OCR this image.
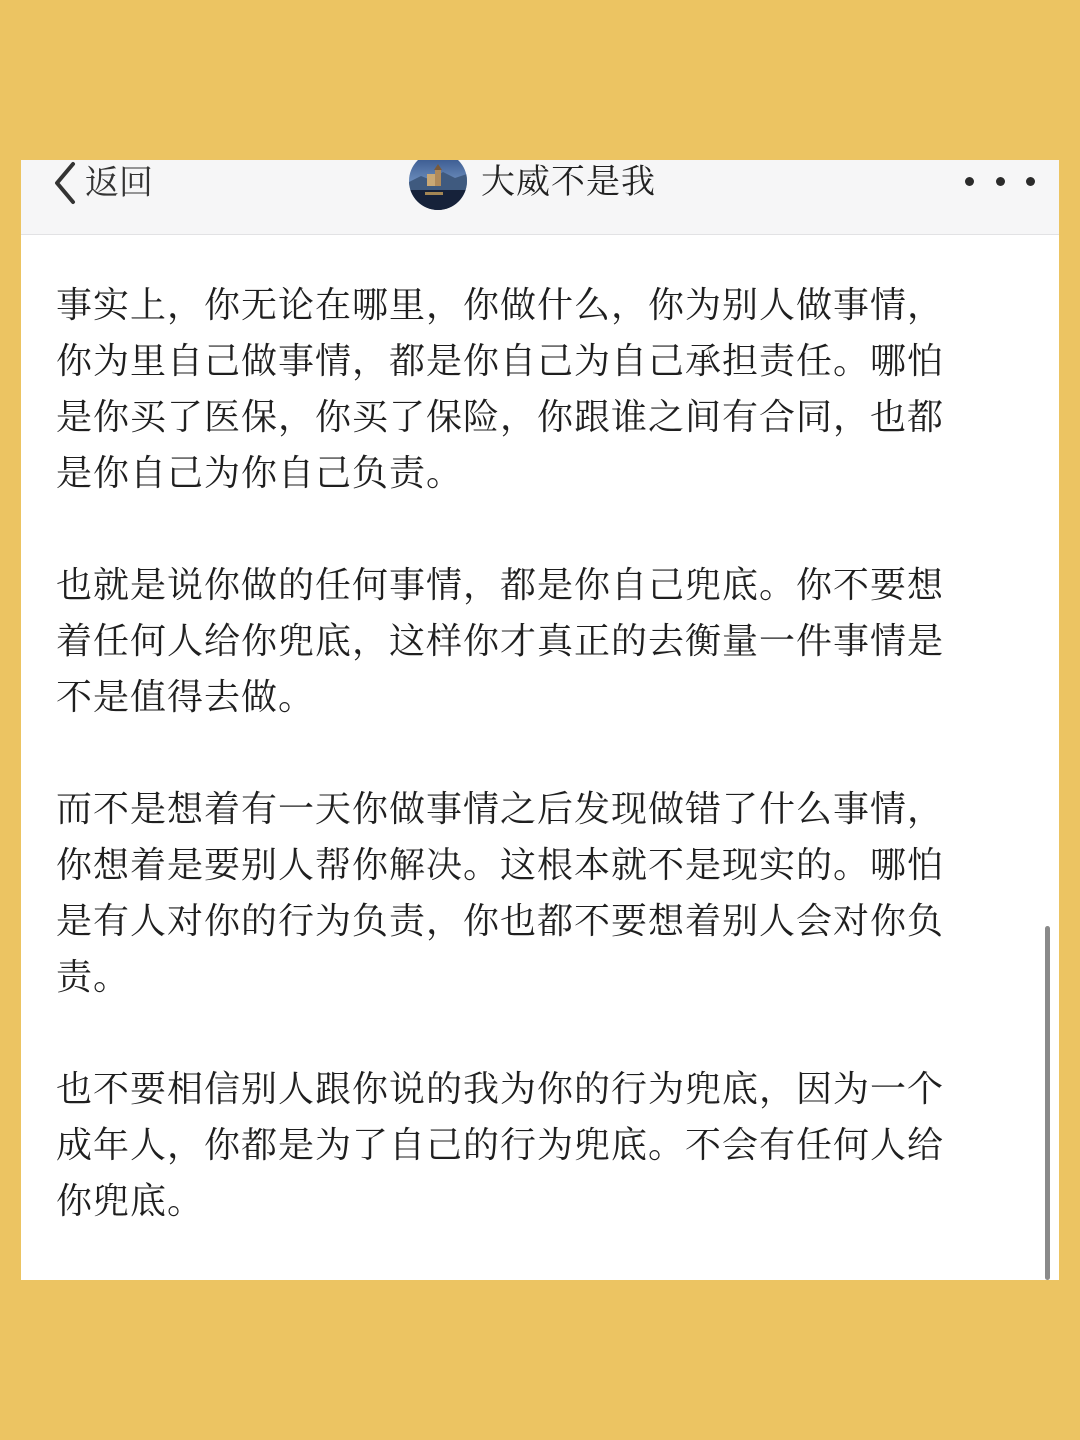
返回	大威不是我

事实上，你无论在哪里，你做什么，你为别人做事情，
你为里自己做事情，都是你自己为自己承担责任。哪怕
是你买了医保，你买了保险，你跟谁之间有合同，也都
是你自己为你自己负责。

也就是说你做的任何事情，都是你自己兜底。你不要想
着任何人给你兜底，这样你才真正的去衡量一件事情是
不是值得去做。

而不是想着有一天你做事情之后发现做错了什么事情，
你想着是要别人帮你解决。这根本就不是现实的。哪怕
是有人对你的行为负责，你也都不要想着别人会对你负
责。

也不要相信别人跟你说的我为你的行为兜底，因为一个
成年人，你都是为了自己的行为兜底。不会有任何人给
你兜底。
